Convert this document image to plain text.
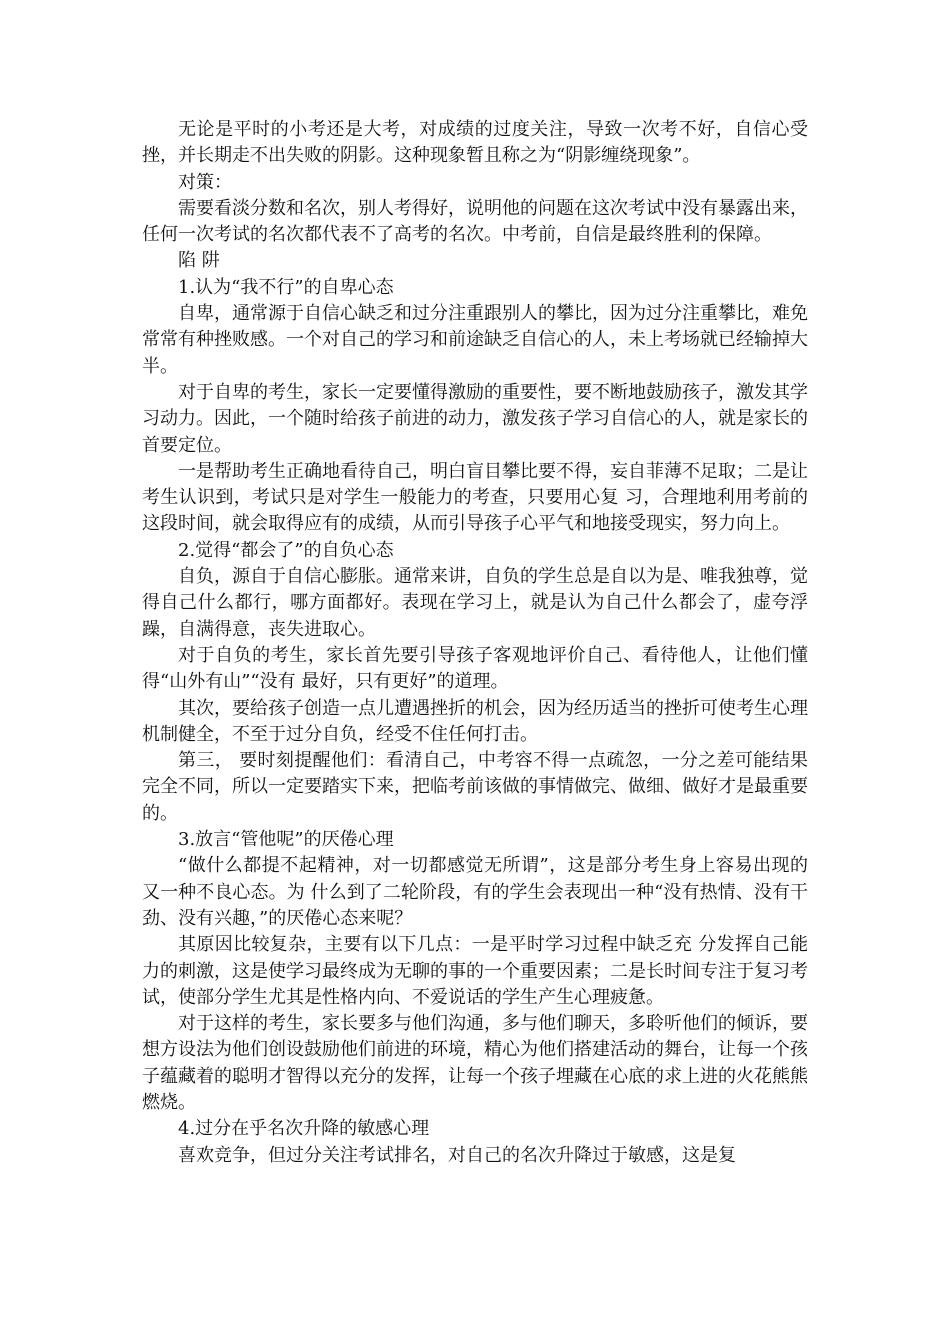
无论是平时的小考还是大考，对成绩的过度关注，导致一次考不好，自信心受挫，并长期走不出失败的阴影。这种现象暂且称之为“阴影缠绕现象”。

对策：

需要看淡分数和名次，别人考得好，说明他的问题在这次考试中没有暴露出来，任何一次考试的名次都代表不了高考的名次。中考前，自信是最终胜利的保障。

陷 阱

1.认为“我不行”的自卑心态

自卑，通常源于自信心缺乏和过分注重跟别人的攀比，因为过分注重攀比，难免常常有种挫败感。一个对自己的学习和前途缺乏自信心的人，未上考场就已经输掉大半。

对于自卑的考生，家长一定要懂得激励的重要性，要不断地鼓励孩子，激发其学习动力。因此，一个随时给孩子前进的动力，激发孩子学习自信心的人，就是家长的首要定位。

一是帮助考生正确地看待自己，明白盲目攀比要不得，妄自菲薄不足取；二是让考生认识到，考试只是对学生一般能力的考查，只要用心复 习，合理地利用考前的这段时间，就会取得应有的成绩，从而引导孩子心平气和地接受现实，努力向上。

2.觉得“都会了”的自负心态

自负，源自于自信心膨胀。通常来讲，自负的学生总是自以为是、唯我独尊，觉得自己什么都行，哪方面都好。表现在学习上，就是认为自己什么都会了，虚夸浮躁，自满得意，丧失进取心。

对于自负的考生，家长首先要引导孩子客观地评价自己、看待他人，让他们懂得“山外有山”“没有 最好，只有更好”的道理。

其次，要给孩子创造一点儿遭遇挫折的机会，因为经历适当的挫折可使考生心理机制健全，不至于过分自负，经受不住任何打击。

第三， 要时刻提醒他们：看清自己，中考容不得一点疏忽，一分之差可能结果完全不同，所以一定要踏实下来，把临考前该做的事情做完、做细、做好才是最重要的。

3.放言“管他呢”的厌倦心理

“做什么都提不起精神，对一切都感觉无所谓”，这是部分考生身上容易出现的又一种不良心态。为 什么到了二轮阶段，有的学生会表现出一种“没有热情、没有干劲、没有兴趣，”的厌倦心态来呢？

其原因比较复杂，主要有以下几点：一是平时学习过程中缺乏充 分发挥自己能力的刺激，这是使学习最终成为无聊的事的一个重要因素；二是长时间专注于复习考试，使部分学生尤其是性格内向、不爱说话的学生产生心理疲惫。

对于这样的考生，家长要多与他们沟通，多与他们聊天，多聆听他们的倾诉，要想方设法为他们创设鼓励他们前进的环境，精心为他们搭建活动的舞台，让每一个孩子蕴藏着的聪明才智得以充分的发挥，让每一个孩子埋藏在心底的求上进的火花熊熊燃烧。

4.过分在乎名次升降的敏感心理

喜欢竞争，但过分关注考试排名，对自己的名次升降过于敏感，这是复
